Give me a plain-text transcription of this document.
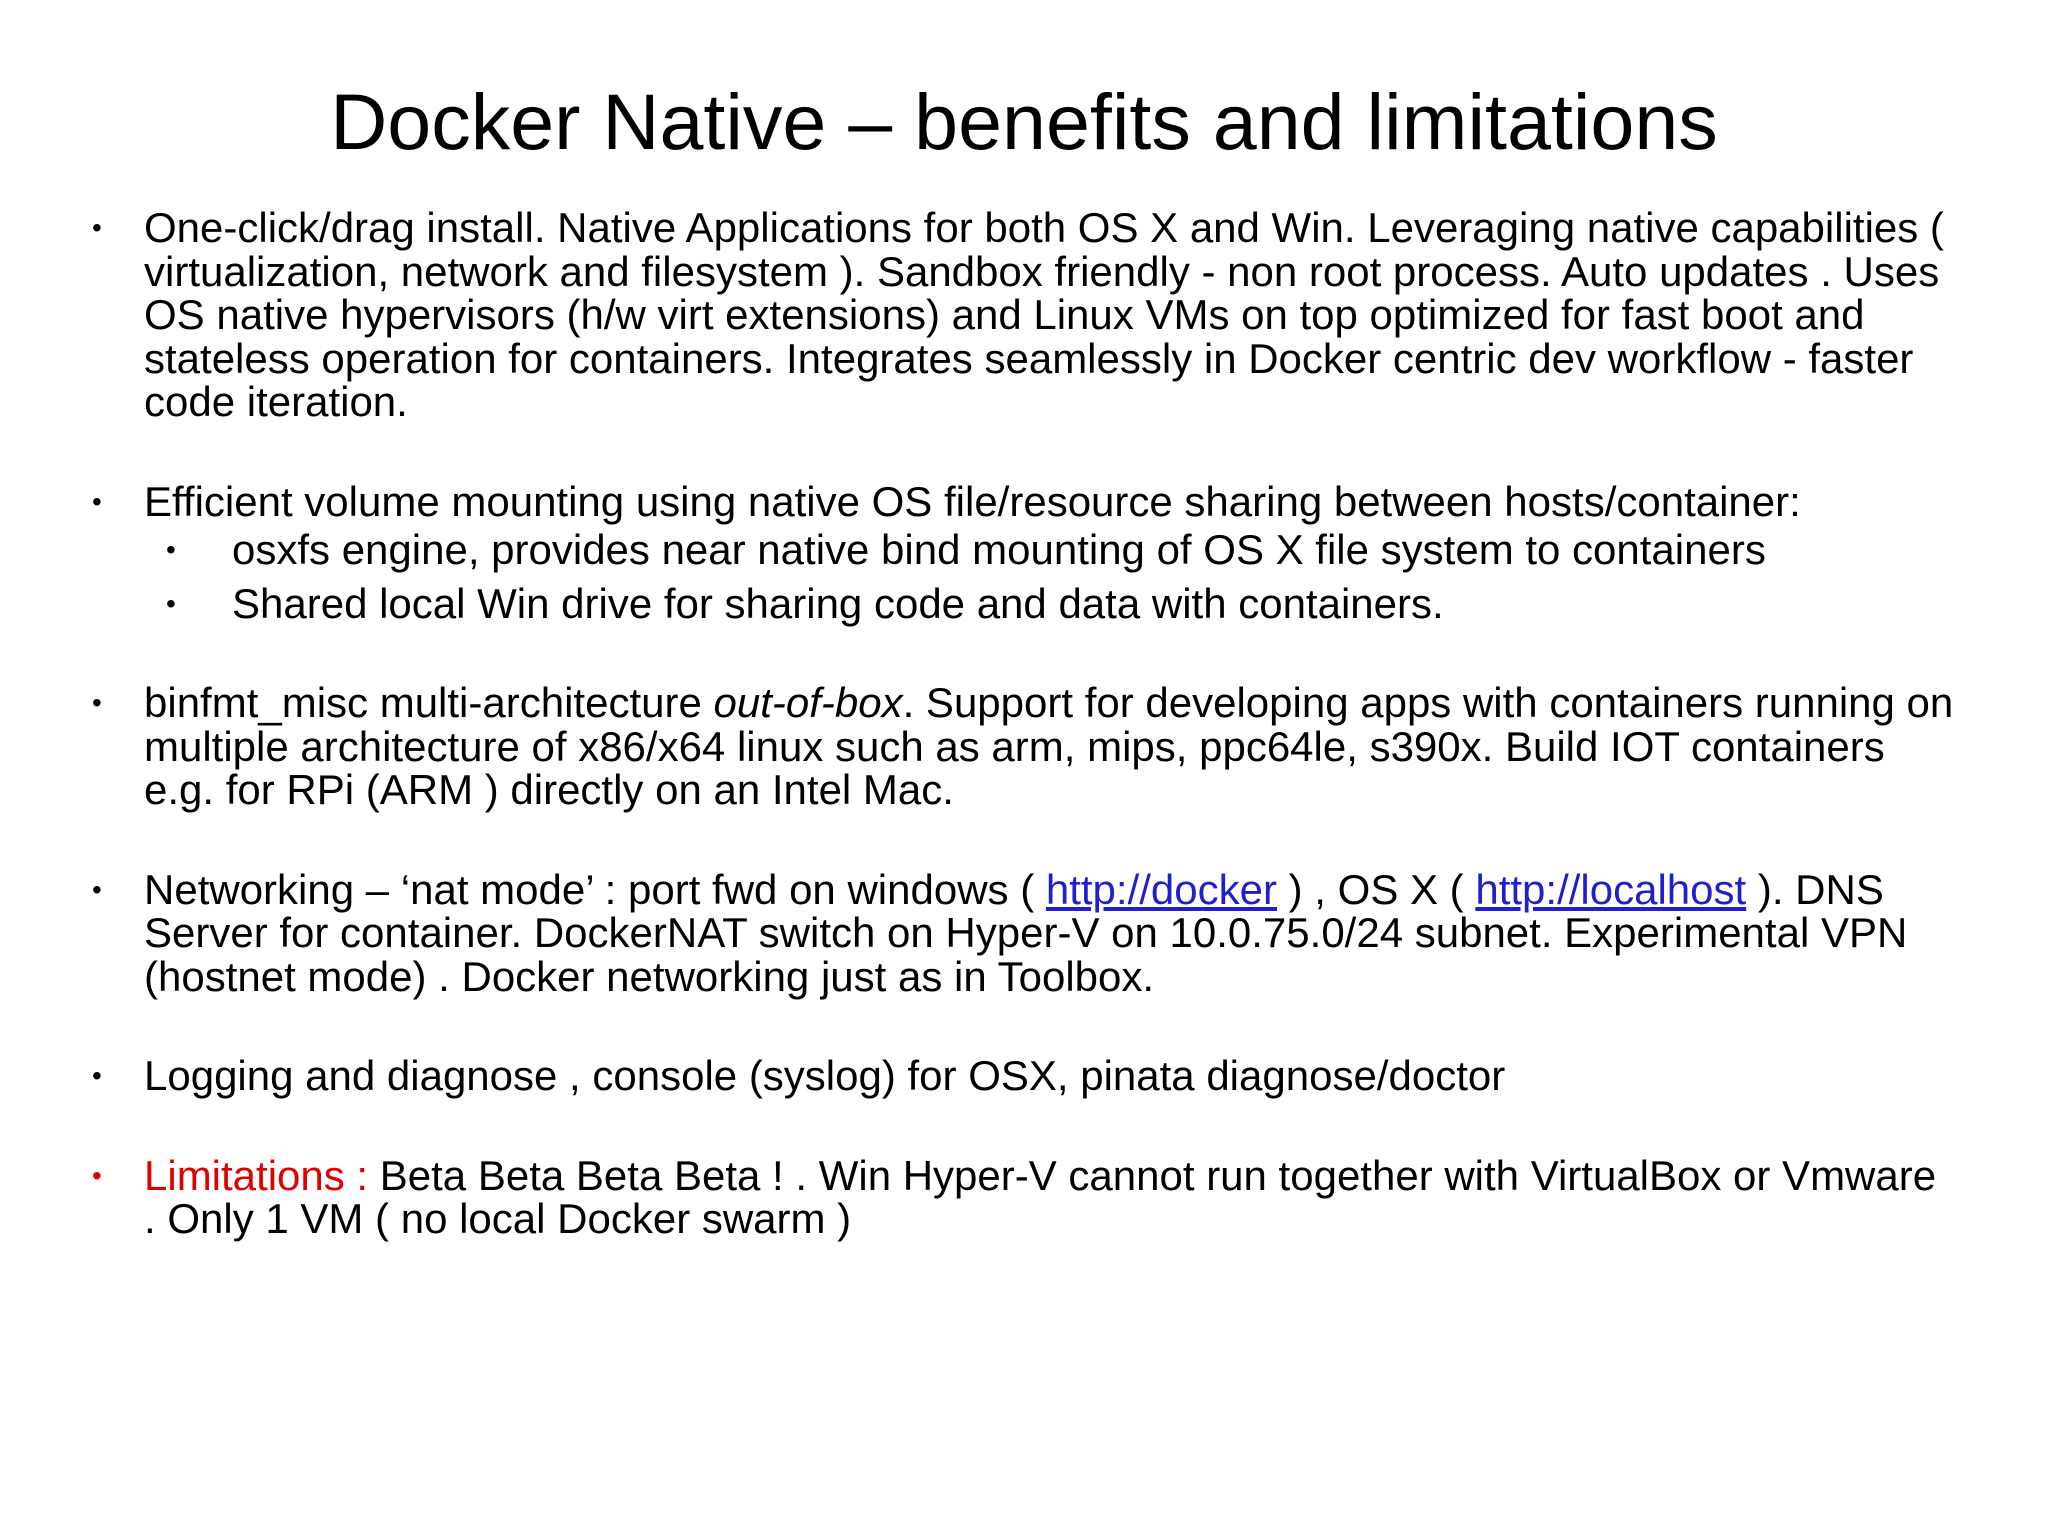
Docker Native – benefits and limitations

• One-click/drag install. Native Applications for both OS X and Win. Leveraging native capabilities ( virtualization, network and filesystem ). Sandbox friendly - non root process. Auto updates . Uses OS native hypervisors (h/w virt extensions) and Linux VMs on top optimized for fast boot and stateless operation for containers. Integrates seamlessly in Docker centric dev workflow - faster code iteration.

• Efficient volume mounting using native OS file/resource sharing between hosts/container:

• osxfs engine, provides near native bind mounting of OS X file system to containers

• Shared local Win drive for sharing code and data with containers.

• binfmt_misc multi-architecture out-of-box. Support for developing apps with containers running on multiple architecture of x86/x64 linux such as arm, mips, ppc64le, s390x. Build IOT containers e.g. for RPi (ARM ) directly on an Intel Mac.

• Networking – ‘nat mode’ : port fwd on windows ( http://docker ) , OS X ( http://localhost ). DNS Server for container. DockerNAT switch on Hyper-V on 10.0.75.0/24 subnet. Experimental VPN (hostnet mode) . Docker networking just as in Toolbox.

• Logging and diagnose , console (syslog) for OSX, pinata diagnose/doctor

• Limitations : Beta Beta Beta Beta ! . Win Hyper-V cannot run together with VirtualBox or Vmware . Only 1 VM ( no local Docker swarm )
